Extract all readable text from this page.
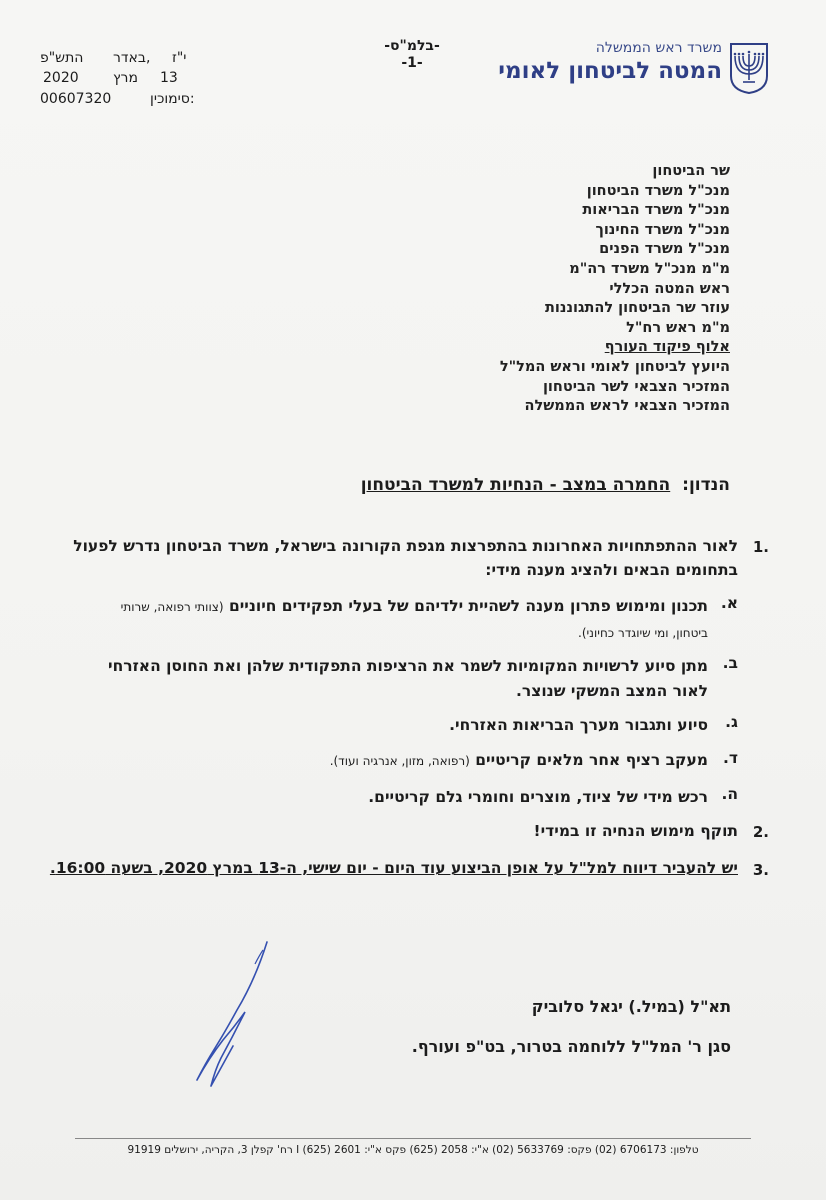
משרד ראש הממשלה
המטה לביטחון לאומי
-בלמ"ס-
-1-
י"ז
באדר,
התש"פ
13
מרץ
2020
סימוכין:
00607320
שר הביטחון
מנכ"ל משרד הביטחון
מנכ"ל משרד הבריאות
מנכ"ל משרד החינוך
מנכ"ל משרד הפנים
מ"מ מנכ"ל משרד רה"מ
ראש המטה הכללי
עוזר שר הביטחון להתגוננות
מ"מ ראש רח"ל
אלוף פיקוד העורף
היועץ לביטחון לאומי וראש המל"ל
המזכיר הצבאי לשר הביטחון
המזכיר הצבאי לראש הממשלה
הנדון: החמרה במצב - הנחיות למשרד הביטחון
1.
לאור ההתפתחויות האחרונות בהתפרצות מגפת הקורונה בישראל, משרד הביטחון נדרש לפעול
בתחומים הבאים ולהציג מענה מידי:
א.
תכנון ומימוש פתרון מענה לשהיית ילדיהם של בעלי תפקידים חיוניים (צוותי רפואה, שרותי
ביטחון, ומי שיוגדר כחיוני).
ב.
מתן סיוע לרשויות המקומיות לשמר את הרציפות התפקודית שלהן ואת החוסן האזרחי
לאור המצב המשקי שנוצר.
ג.
סיוע ותגבור מערך הבריאות האזרחי.
ד.
מעקב רציף אחר מלאים קריטיים (רפואה, מזון, אנרגיה ועוד).
ה.
רכש מידי של ציוד, מוצרים וחומרי גלם קריטיים.
2.
תוקף מימוש הנחיה זו במידי!
3.
יש להעביר דיווח למל"ל על אופן הביצוע עוד היום - יום שישי, ה-13 במרץ 2020, בשעה 16:00.
תא"ל (במיל.) יגאל סלוביק
סגן ר' המל"ל ללוחמה בטרור, בט"פ ועורף.
טלפון: 6706173 (02) פקס: 5633769 (02) א"י: 2058 (625) פקס א"י: 2601 (625) I רח' קפלן 3, הקריה, ירושלים 91919
